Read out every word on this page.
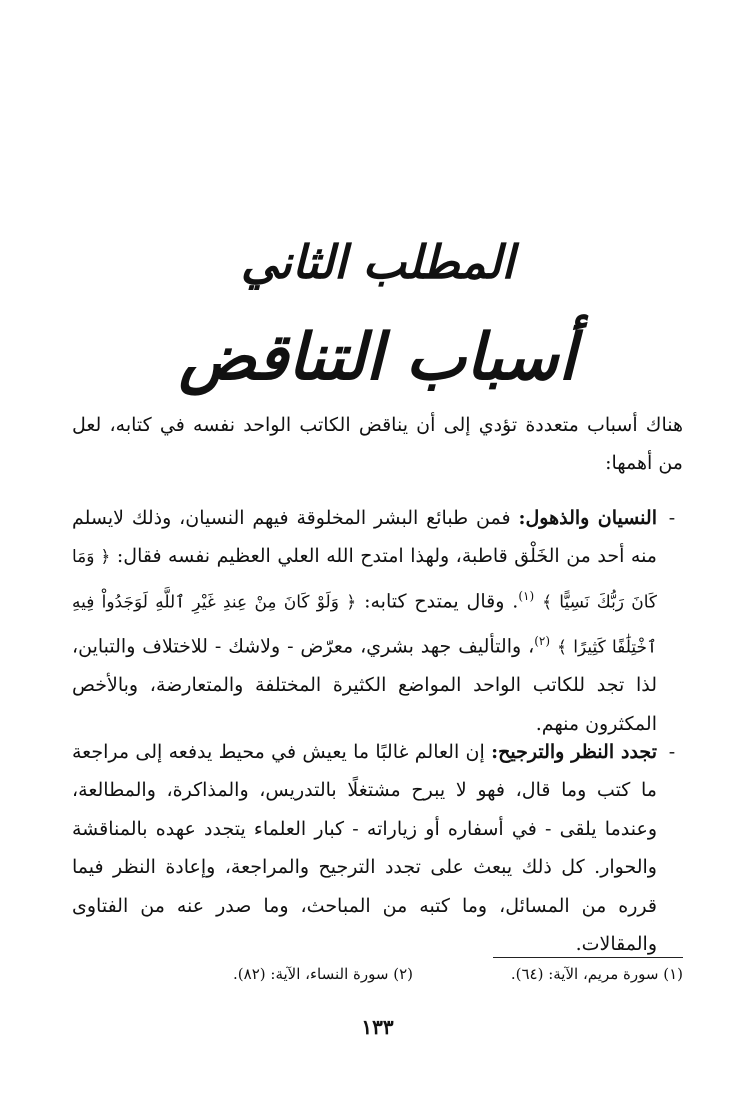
المطلب الثاني
أسباب التناقض

هناك أسباب متعددة تؤدي إلى أن يناقض الكاتب الواحد نفسه في كتابه، لعل من أهمها:

-
النسيان والذهول: فمن طبائع البشر المخلوقة فيهم النسيان، وذلك لايسلم منه أحد من الخَلْق قاطبة، ولهذا امتدح الله العلي العظيم نفسه فقال: ﴿ وَمَا كَانَ رَبُّكَ نَسِيًّا ﴾ $^{(١)}$. وقال يمتدح كتابه: ﴿ وَلَوْ كَانَ مِنْ عِندِ غَيْرِ ٱللَّهِ لَوَجَدُواْ فِيهِ ٱخْتِلَٰفًا كَثِيرًا ﴾ $^{(٢)}$، والتأليف جهد بشري، معرّض - ولاشك - للاختلاف والتباين، لذا تجد للكاتب الواحد المواضع الكثيرة المختلفة والمتعارضة، وبالأخص المكثرون منهم.
-
تجدد النظر والترجيح: إن العالم غالبًا ما يعيش في محيط يدفعه إلى مراجعة ما كتب وما قال، فهو لا يبرح مشتغلًا بالتدريس، والمذاكرة، والمطالعة، وعندما يلقى - في أسفاره أو زياراته - كبار العلماء يتجدد عهده بالمناقشة والحوار. كل ذلك يبعث على تجدد الترجيح والمراجعة، وإعادة النظر فيما قرره من المسائل، وما كتبه من المباحث، وما صدر عنه من الفتاوى والمقالات.
(١) سورة مريم، الآية: (٦٤).
(٢) سورة النساء، الآية: (٨٢).
١٣٣
